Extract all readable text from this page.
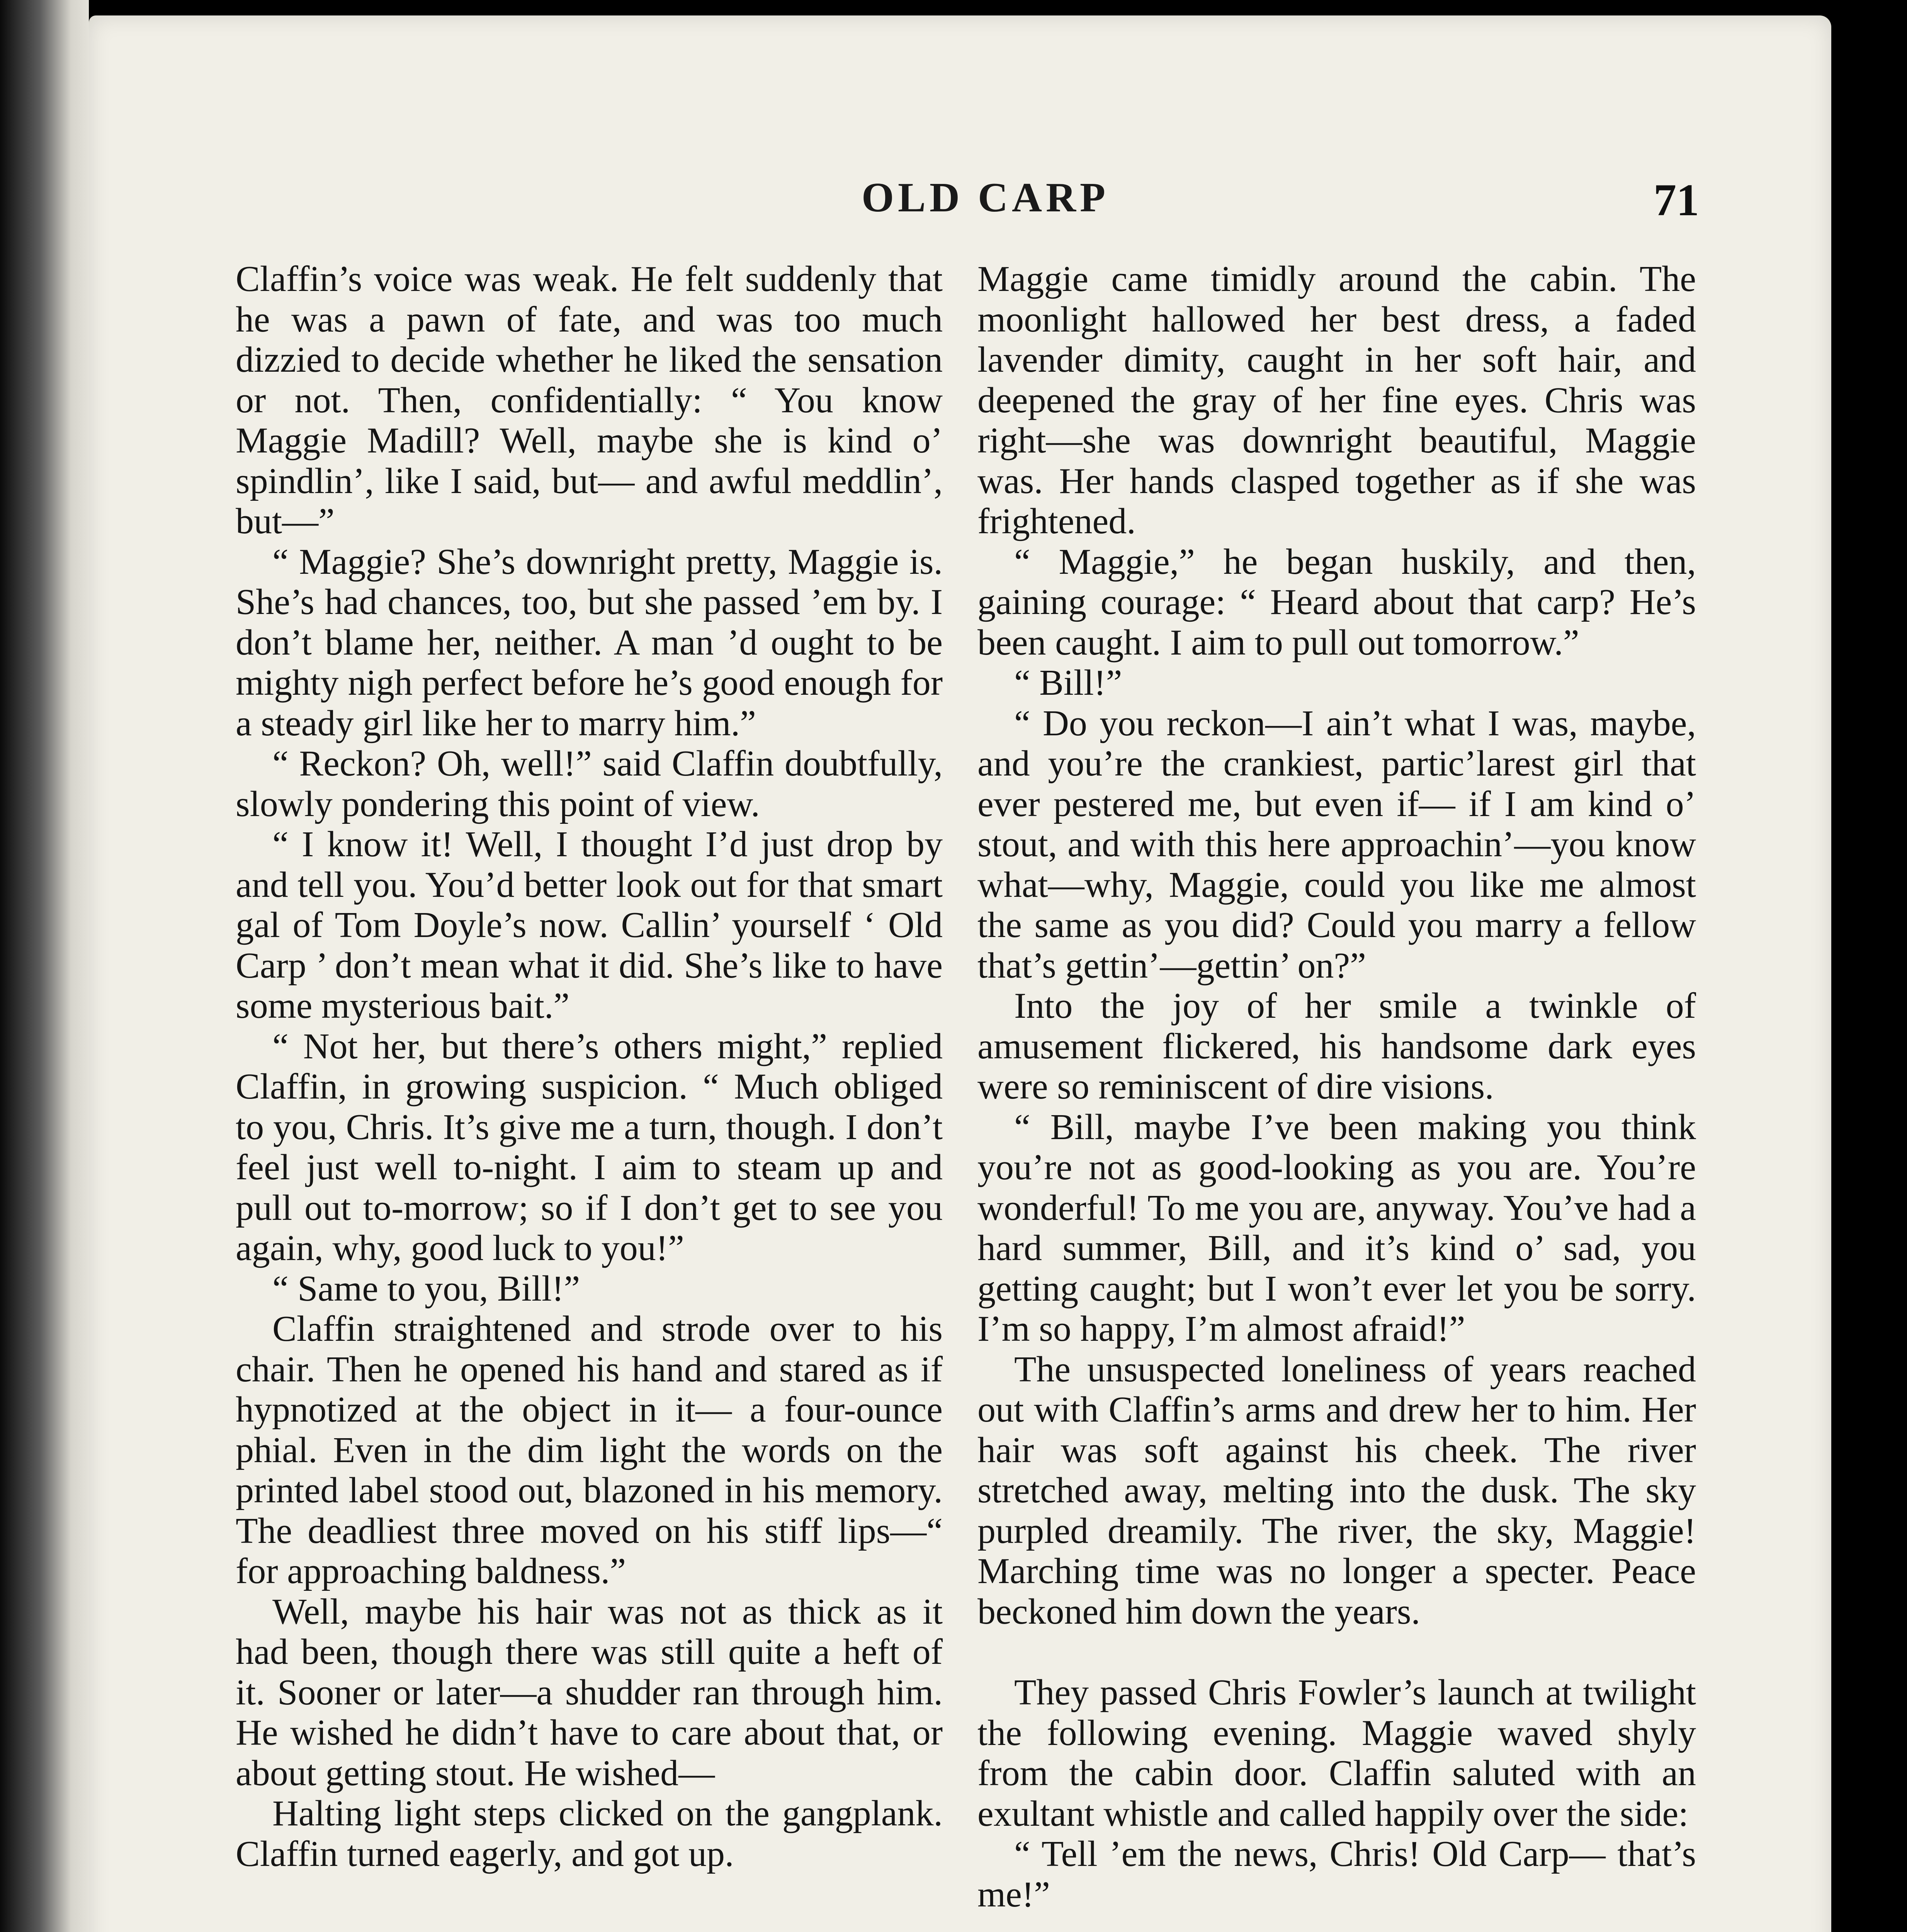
OLD CARP	71

Claffin’s voice was weak. He felt suddenly that he was a pawn of fate, and was too much dizzied to decide whether he liked the sensation or not. Then, confidentially: “ You know Maggie Madill? Well, maybe she is kind o’ spindlin’, like I said, but— and awful meddlin’, but—”

“ Maggie? She’s downright pretty, Maggie is. She’s had chances, too, but she passed ’em by. I don’t blame her, neither. A man ’d ought to be mighty nigh perfect before he’s good enough for a steady girl like her to marry him.”

“ Reckon? Oh, well!” said Claffin doubtfully, slowly pondering this point of view.

“ I know it! Well, I thought I’d just drop by and tell you. You’d better look out for that smart gal of Tom Doyle’s now. Callin’ yourself ‘ Old Carp ’ don’t mean what it did. She’s like to have some mysterious bait.”

“ Not her, but there’s others might,” replied Claffin, in growing suspicion. “ Much obliged to you, Chris. It’s give me a turn, though. I don’t feel just well to-night. I aim to steam up and pull out to-morrow; so if I don’t get to see you again, why, good luck to you!”

“ Same to you, Bill!”

Claffin straightened and strode over to his chair. Then he opened his hand and stared as if hypnotized at the object in it— a four-ounce phial. Even in the dim light the words on the printed label stood out, blazoned in his memory. The deadliest three moved on his stiff lips—“ for approaching baldness.”

Well, maybe his hair was not as thick as it had been, though there was still quite a heft of it. Sooner or later—a shudder ran through him. He wished he didn’t have to care about that, or about getting stout. He wished—

Halting light steps clicked on the gangplank. Claffin turned eagerly, and got up.

Maggie came timidly around the cabin. The moonlight hallowed her best dress, a faded lavender dimity, caught in her soft hair, and deepened the gray of her fine eyes. Chris was right—she was downright beautiful, Maggie was. Her hands clasped together as if she was frightened.

“ Maggie,” he began huskily, and then, gaining courage: “ Heard about that carp? He’s been caught. I aim to pull out tomorrow.”

“ Bill!”

“ Do you reckon—I ain’t what I was, maybe, and you’re the crankiest, partic’larest girl that ever pestered me, but even if— if I am kind o’ stout, and with this here approachin’—you know what—why, Maggie, could you like me almost the same as you did? Could you marry a fellow that’s gettin’—gettin’ on?”

Into the joy of her smile a twinkle of amusement flickered, his handsome dark eyes were so reminiscent of dire visions.

“ Bill, maybe I’ve been making you think you’re not as good-looking as you are. You’re wonderful! To me you are, anyway. You’ve had a hard summer, Bill, and it’s kind o’ sad, you getting caught; but I won’t ever let you be sorry. I’m so happy, I’m almost afraid!”

The unsuspected loneliness of years reached out with Claffin’s arms and drew her to him. Her hair was soft against his cheek. The river stretched away, melting into the dusk. The sky purpled dreamily. The river, the sky, Maggie! Marching time was no longer a specter. Peace beckoned him down the years.

They passed Chris Fowler’s launch at twilight the following evening. Maggie waved shyly from the cabin door. Claffin saluted with an exultant whistle and called happily over the side:

“ Tell ’em the news, Chris! Old Carp— that’s me!”
